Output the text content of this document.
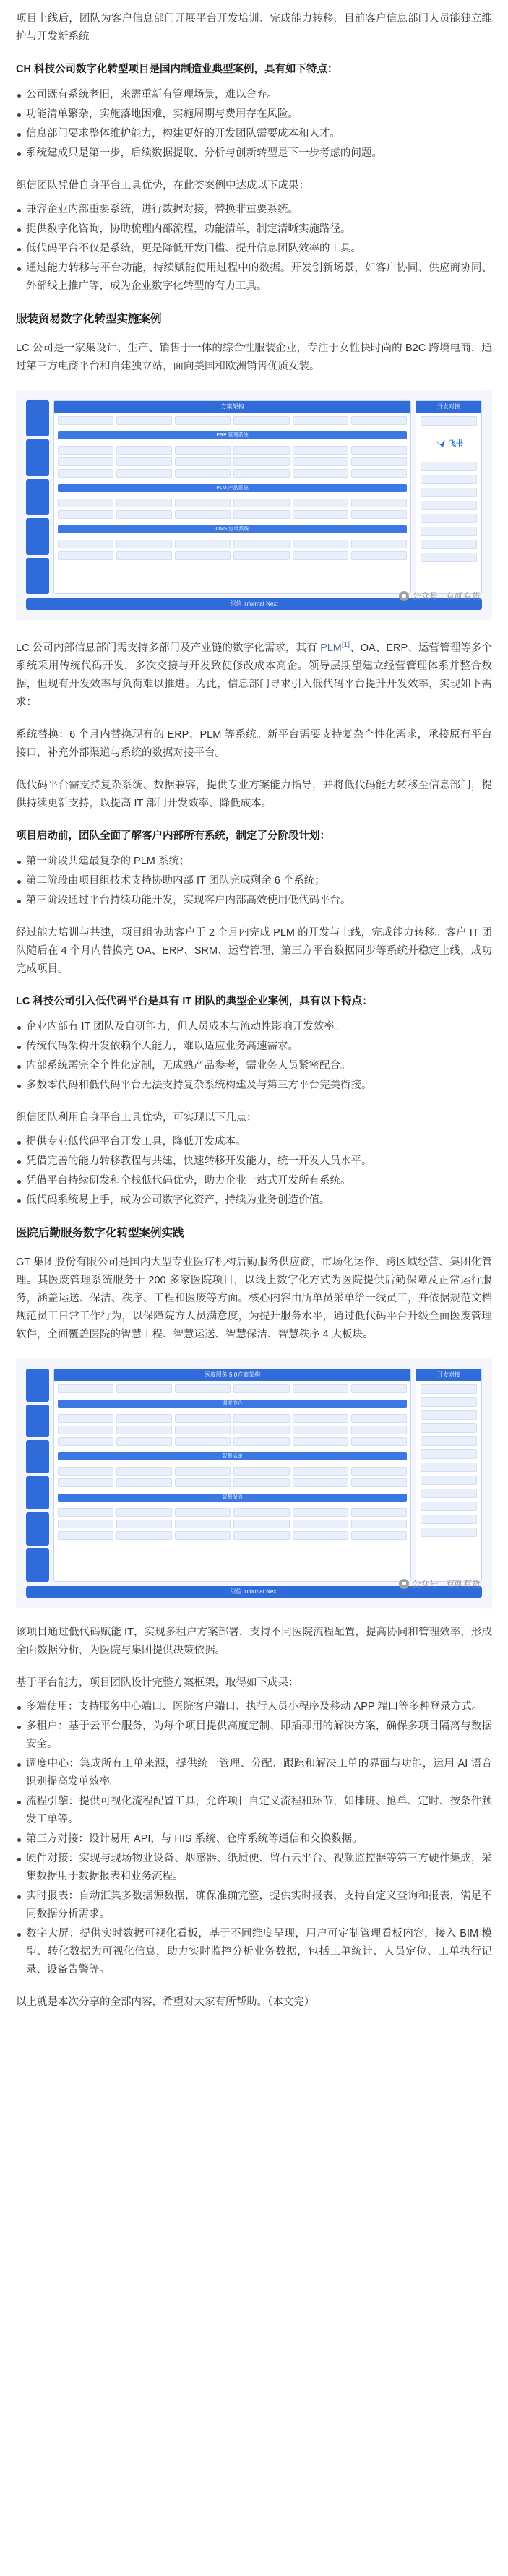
项目上线后，团队为客户信息部门开展平台开发培训、完成能力转移，目前客户信息部门人员能独立维护与开发新系统。

CH 科技公司数字化转型项目是国内制造业典型案例，具有如下特点：

公司既有系统老旧，来需重新有管理场景，难以舍弃。
功能清单繁杂，实施落地困难，实施周期与费用存在风险。
信息部门要求整体维护能力，构建更好的开发团队需要成本和人才。
系统建成只是第一步，后续数据提取、分析与创新转型是下一步考虑的问题。

织信团队凭借自身平台工具优势，在此类案例中达成以下成果：

兼容企业内部重要系统，进行数据对接，替换非重要系统。
提供数字化咨询，协助梳理内部流程，功能清单，制定清晰实施路径。
低代码平台不仅是系统，更是降低开发门槛、提升信息团队效率的工具。
通过能力转移与平台功能，持续赋能使用过程中的数据。开发创新场景，如客户协同、供应商协同、外部线上推广等，成为企业数字化转型的有力工具。
服装贸易数字化转型实施案例

LC 公司是一家集设计、生产、销售于一体的综合性服装企业，专注于女性快时尚的 B2C 跨境电商，通过第三方电商平台和自建独立站，面向美国和欧洲销售优质女装。

方案架构
ERP 管理系统
PLM 产品系统
OMS 订单系统
开发对接
飞书
织信 Informat Next
公众号 · 有颜有货

LC 公司内部信息部门需支持多部门及产业链的数字化需求，其有 PLM[1]、OA、ERP、运营管理等多个系统采用传统代码开发，多次交接与开发致使修改成本高企。领导层期望建立经营管理体系并整合数据，但现有开发效率与负荷难以推进。为此，信息部门寻求引入低代码平台提升开发效率，实现如下需求：

系统替换：6 个月内替换现有的 ERP、PLM 等系统。新平台需要支持复杂个性化需求，承接原有平台接口，补充外部渠道与系统的数据对接平台。

低代码平台需支持复杂系统、数据兼容，提供专业方案能力指导，并将低代码能力转移至信息部门，提供持续更新支持，以提高 IT 部门开发效率、降低成本。

项目启动前，团队全面了解客户内部所有系统，制定了分阶段计划：

第一阶段共建最复杂的 PLM 系统；
第二阶段由项目组技术支持协助内部 IT 团队完成剩余 6 个系统；
第三阶段通过平台持续功能开发，实现客户内部高效使用低代码平台。

经过能力培训与共建，项目组协助客户于 2 个月内完成 PLM 的开发与上线，完成能力转移。客户 IT 团队随后在 4 个月内替换完 OA、ERP、SRM、运营管理、第三方平台数据同步等系统并稳定上线，成功完成项目。

LC 科技公司引入低代码平台是具有 IT 团队的典型企业案例，具有以下特点：

企业内部有 IT 团队及自研能力，但人员成本与流动性影响开发效率。
传统代码架构开发依赖个人能力，难以适应业务高速需求。
内部系统需完全个性化定制，无成熟产品参考，需业务人员紧密配合。
多数零代码和低代码平台无法支持复杂系统构建及与第三方平台完美衔接。

织信团队利用自身平台工具优势，可实现以下几点：

提供专业低代码平台开发工具，降低开发成本。
凭借完善的能力转移教程与共建，快速转移开发能力，统一开发人员水平。
凭借平台持续研发和全栈低代码优势，助力企业一站式开发所有系统。
低代码系统易上手，成为公司数字化资产，持续为业务创造价值。
医院后勤服务数字化转型案例实践

GT 集团股份有限公司是国内大型专业医疗机构后勤服务供应商，市场化运作、跨区域经营、集团化管理。其医废管理系统服务于 200 多家医院项目，以线上数字化方式为医院提供后勤保障及正常运行服务，涵盖运送、保洁、秩序、工程和医废等方面。核心内容由所单员采单给一线员工，并依据规范文档规范员工日常工作行为，以保障院方人员满意度，为提升服务水平，通过低代码平台升级全面医废管理软件，全面覆盖医院的智慧工程、智慧运送、智慧保洁、智慧秩序 4 大板块。

医废服务 5.0方案架构
调度中心
智慧运送
智慧保洁
开发对接
织信 Informat Next
公众号 · 有颜有货

该项目通过低代码赋能 IT，实现多租户方案部署，支持不同医院流程配置，提高协同和管理效率，形成全面数据分析，为医院与集团提供决策依据。

基于平台能力，项目团队设计完整方案框架，取得如下成果：

多端使用：支持服务中心端口、医院客户端口、执行人员小程序及移动 APP 端口等多种登录方式。
多租户：基于云平台服务，为每个项目提供高度定制、即插即用的解决方案，确保多项目隔离与数据安全。
调度中心：集成所有工单来源，提供统一管理、分配、跟踪和解决工单的界面与功能，运用 AI 语音识别提高发单效率。
流程引擎：提供可视化流程配置工具，允许项目自定义流程和环节，如排班、抢单、定时、按条件触发工单等。
第三方对接：设计易用 API，与 HIS 系统、仓库系统等通信和交换数据。
硬件对接：实现与现场物业设备、烟感器、纸质便、留石云平台、视频监控器等第三方硬件集成，采集数据用于数据报表和业务流程。
实时报表：自动汇集多数据源数据，确保准确完整，提供实时报表，支持自定义查询和报表，满足不同数据分析需求。
数字大屏：提供实时数据可视化看板，基于不同维度呈现，用户可定制管理看板内容，接入 BIM 模型、转化数据为可视化信息，助力实时监控分析业务数据，包括工单统计、人员定位、工单执行记录、设备告警等。

以上就是本次分享的全部内容，希望对大家有所帮助。（本文完）
